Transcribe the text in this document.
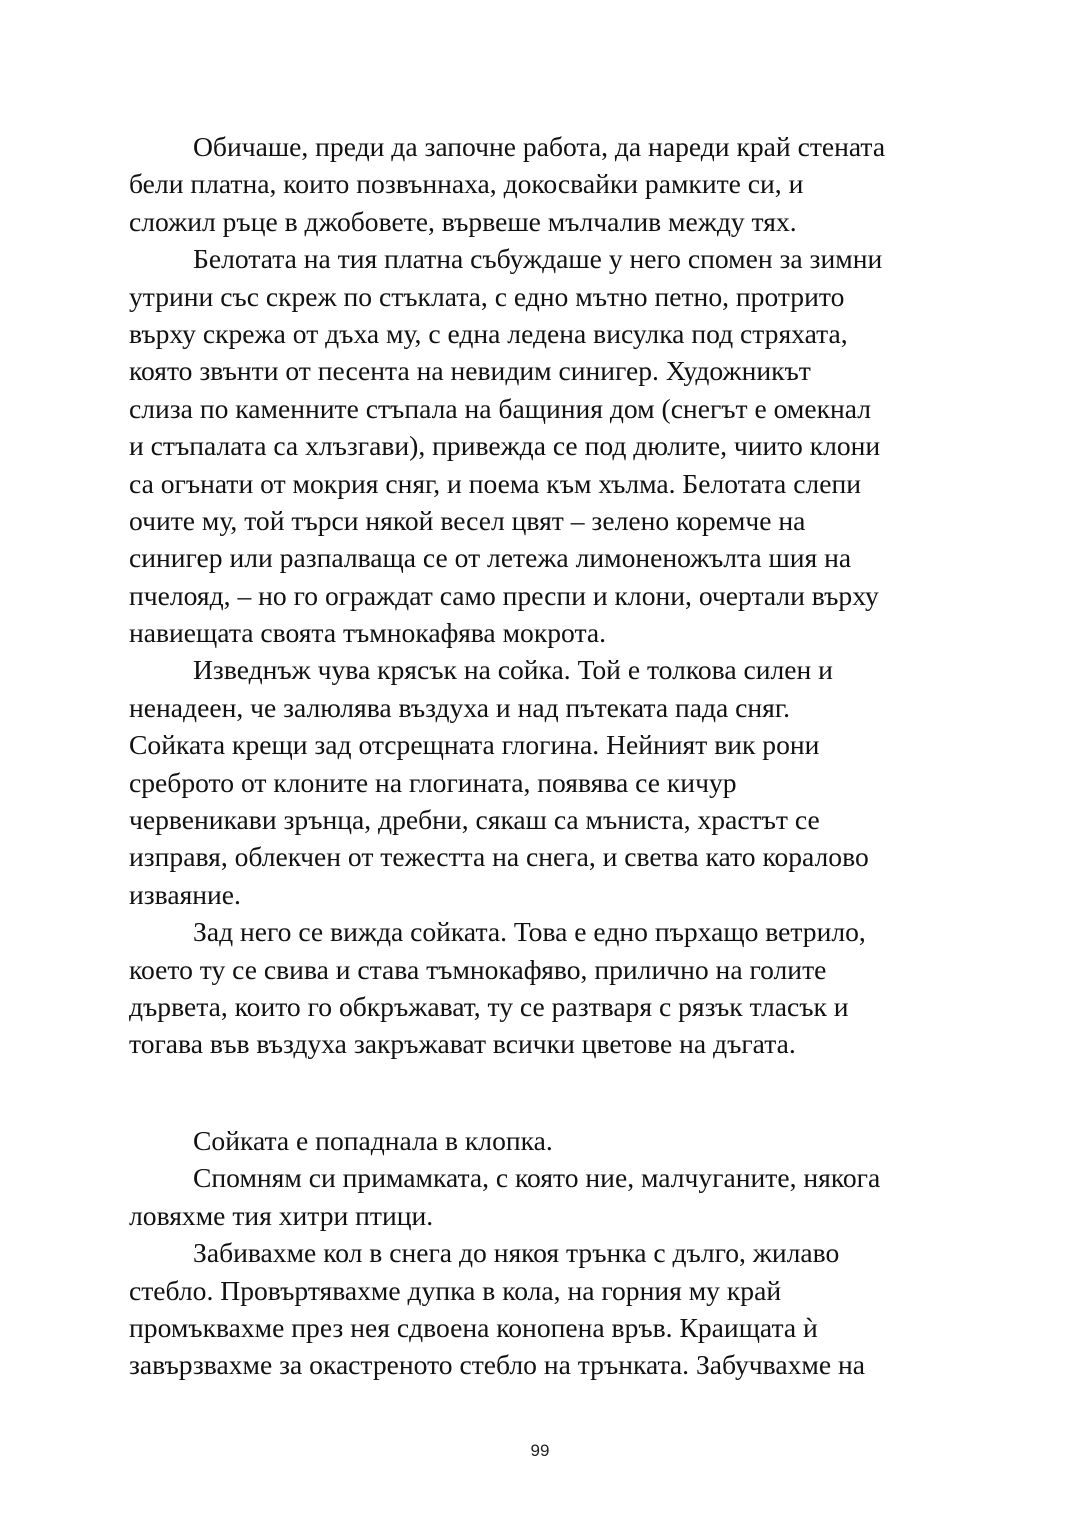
Обичаше, преди да започне работа, да нареди край стената
бели платна, които позвъннаха, докосвайки рамките си, и
сложил ръце в джобовете, вървеше мълчалив между тях.
Белотата на тия платна събуждаше у него спомен за зимни
утрини със скреж по стъклата, с едно мътно петно, протрито
върху скрежа от дъха му, с една ледена висулка под стряхата,
която звънти от песента на невидим синигер. Художникът
слиза по каменните стъпала на бащиния дом (снегът е омекнал
и стъпалата са хлъзгави), привежда се под дюлите, чиито клони
са огънати от мокрия сняг, и поема към хълма. Белотата слепи
очите му, той търси някой весел цвят – зелено коремче на
синигер или разпалваща се от летежа лимоненожълта шия на
пчелояд, – но го ограждат само преспи и клони, очертали върху
навиещата своята тъмнокафява мокрота.
Изведнъж чува крясък на сойка. Той е толкова силен и
ненадеен, че залюлява въздуха и над пътеката пада сняг.
Сойката крещи зад отсрещната глогина. Нейният вик рони
среброто от клоните на глогината, появява се кичур
червеникави зрънца, дребни, сякаш са мъниста, храстът се
изправя, облекчен от тежестта на снега, и светва като коралово
изваяние.
Зад него се вижда сойката. Това е едно пърхащо ветрило,
което ту се свива и става тъмнокафяво, прилично на голите
дървета, които го обкръжават, ту се разтваря с рязък тласък и
тогава във въздуха закръжават всички цветове на дъгата.
Сойката е попаднала в клопка.
Спомням си примамката, с която ние, малчуганите, някога
ловяхме тия хитри птици.
Забивахме кол в снега до някоя трънка с дълго, жилаво
стебло. Провъртявахме дупка в кола, на горния му край
промъквахме през нея сдвоена конопена връв. Краищата ѝ
завързвахме за окастреното стебло на трънката. Забучвахме на
99
